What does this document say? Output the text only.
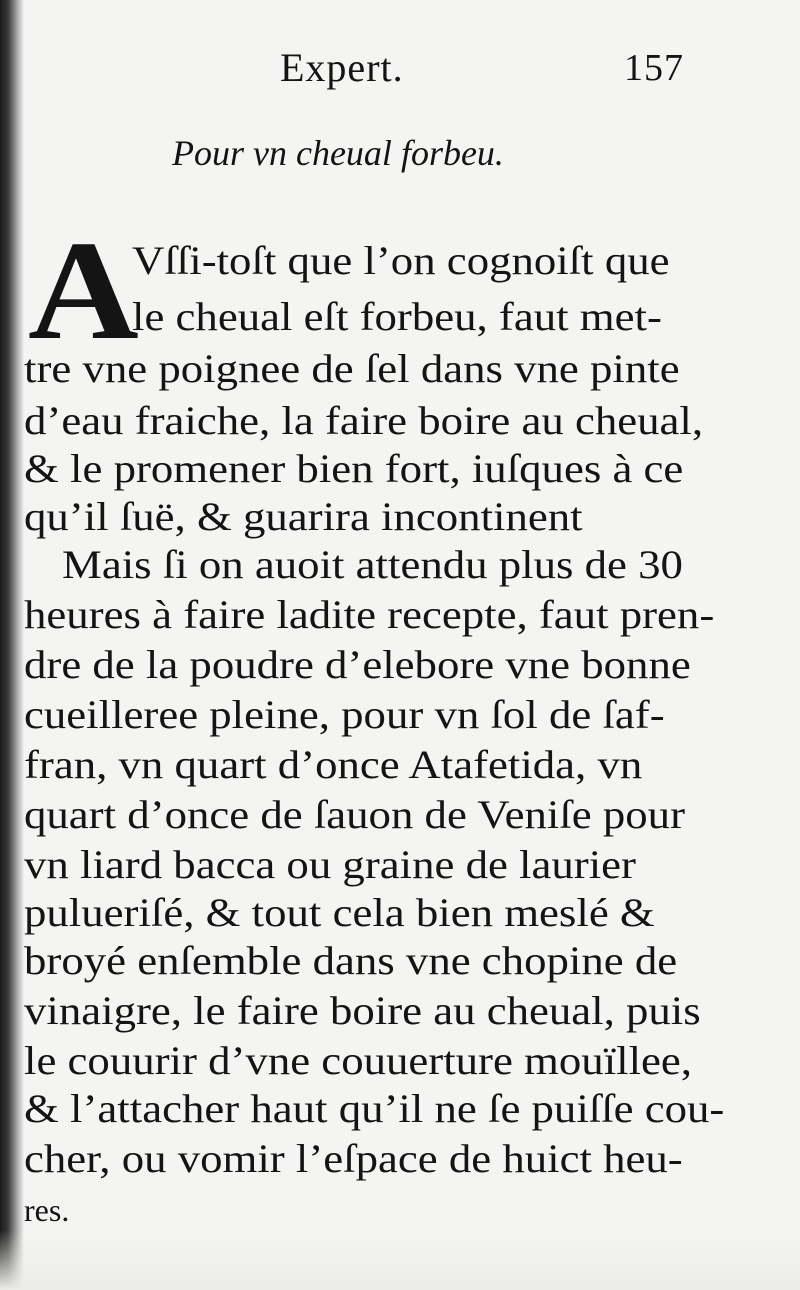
Expert.	157
Pour vn cheual forbeu.
A
Vſſi-toſt que l’on cognoiſt que
le cheual eſt forbeu, faut met-
tre vne poignee de ſel dans vne pinte
d’eau fraiche, la faire boire au cheual,
& le promener bien fort, iuſques à ce
qu’il ſuë, & guarira incontinent
Mais ſi on auoit attendu plus de 30
heures à faire ladite recepte, faut pren-
dre de la poudre d’elebore vne bonne
cueilleree pleine, pour vn ſol de ſaf-
fran, vn quart d’once Atafetida, vn
quart d’once de ſauon de Veniſe pour
vn liard bacca ou graine de laurier
pulueriſé, & tout cela bien meslé &
broyé enſemble dans vne chopine de
vinaigre, le faire boire au cheual, puis
le couurir d’vne couuerture mouïllee,
& l’attacher haut qu’il ne ſe puiſſe cou-
cher, ou vomir l’eſpace de huict heu-
res.
